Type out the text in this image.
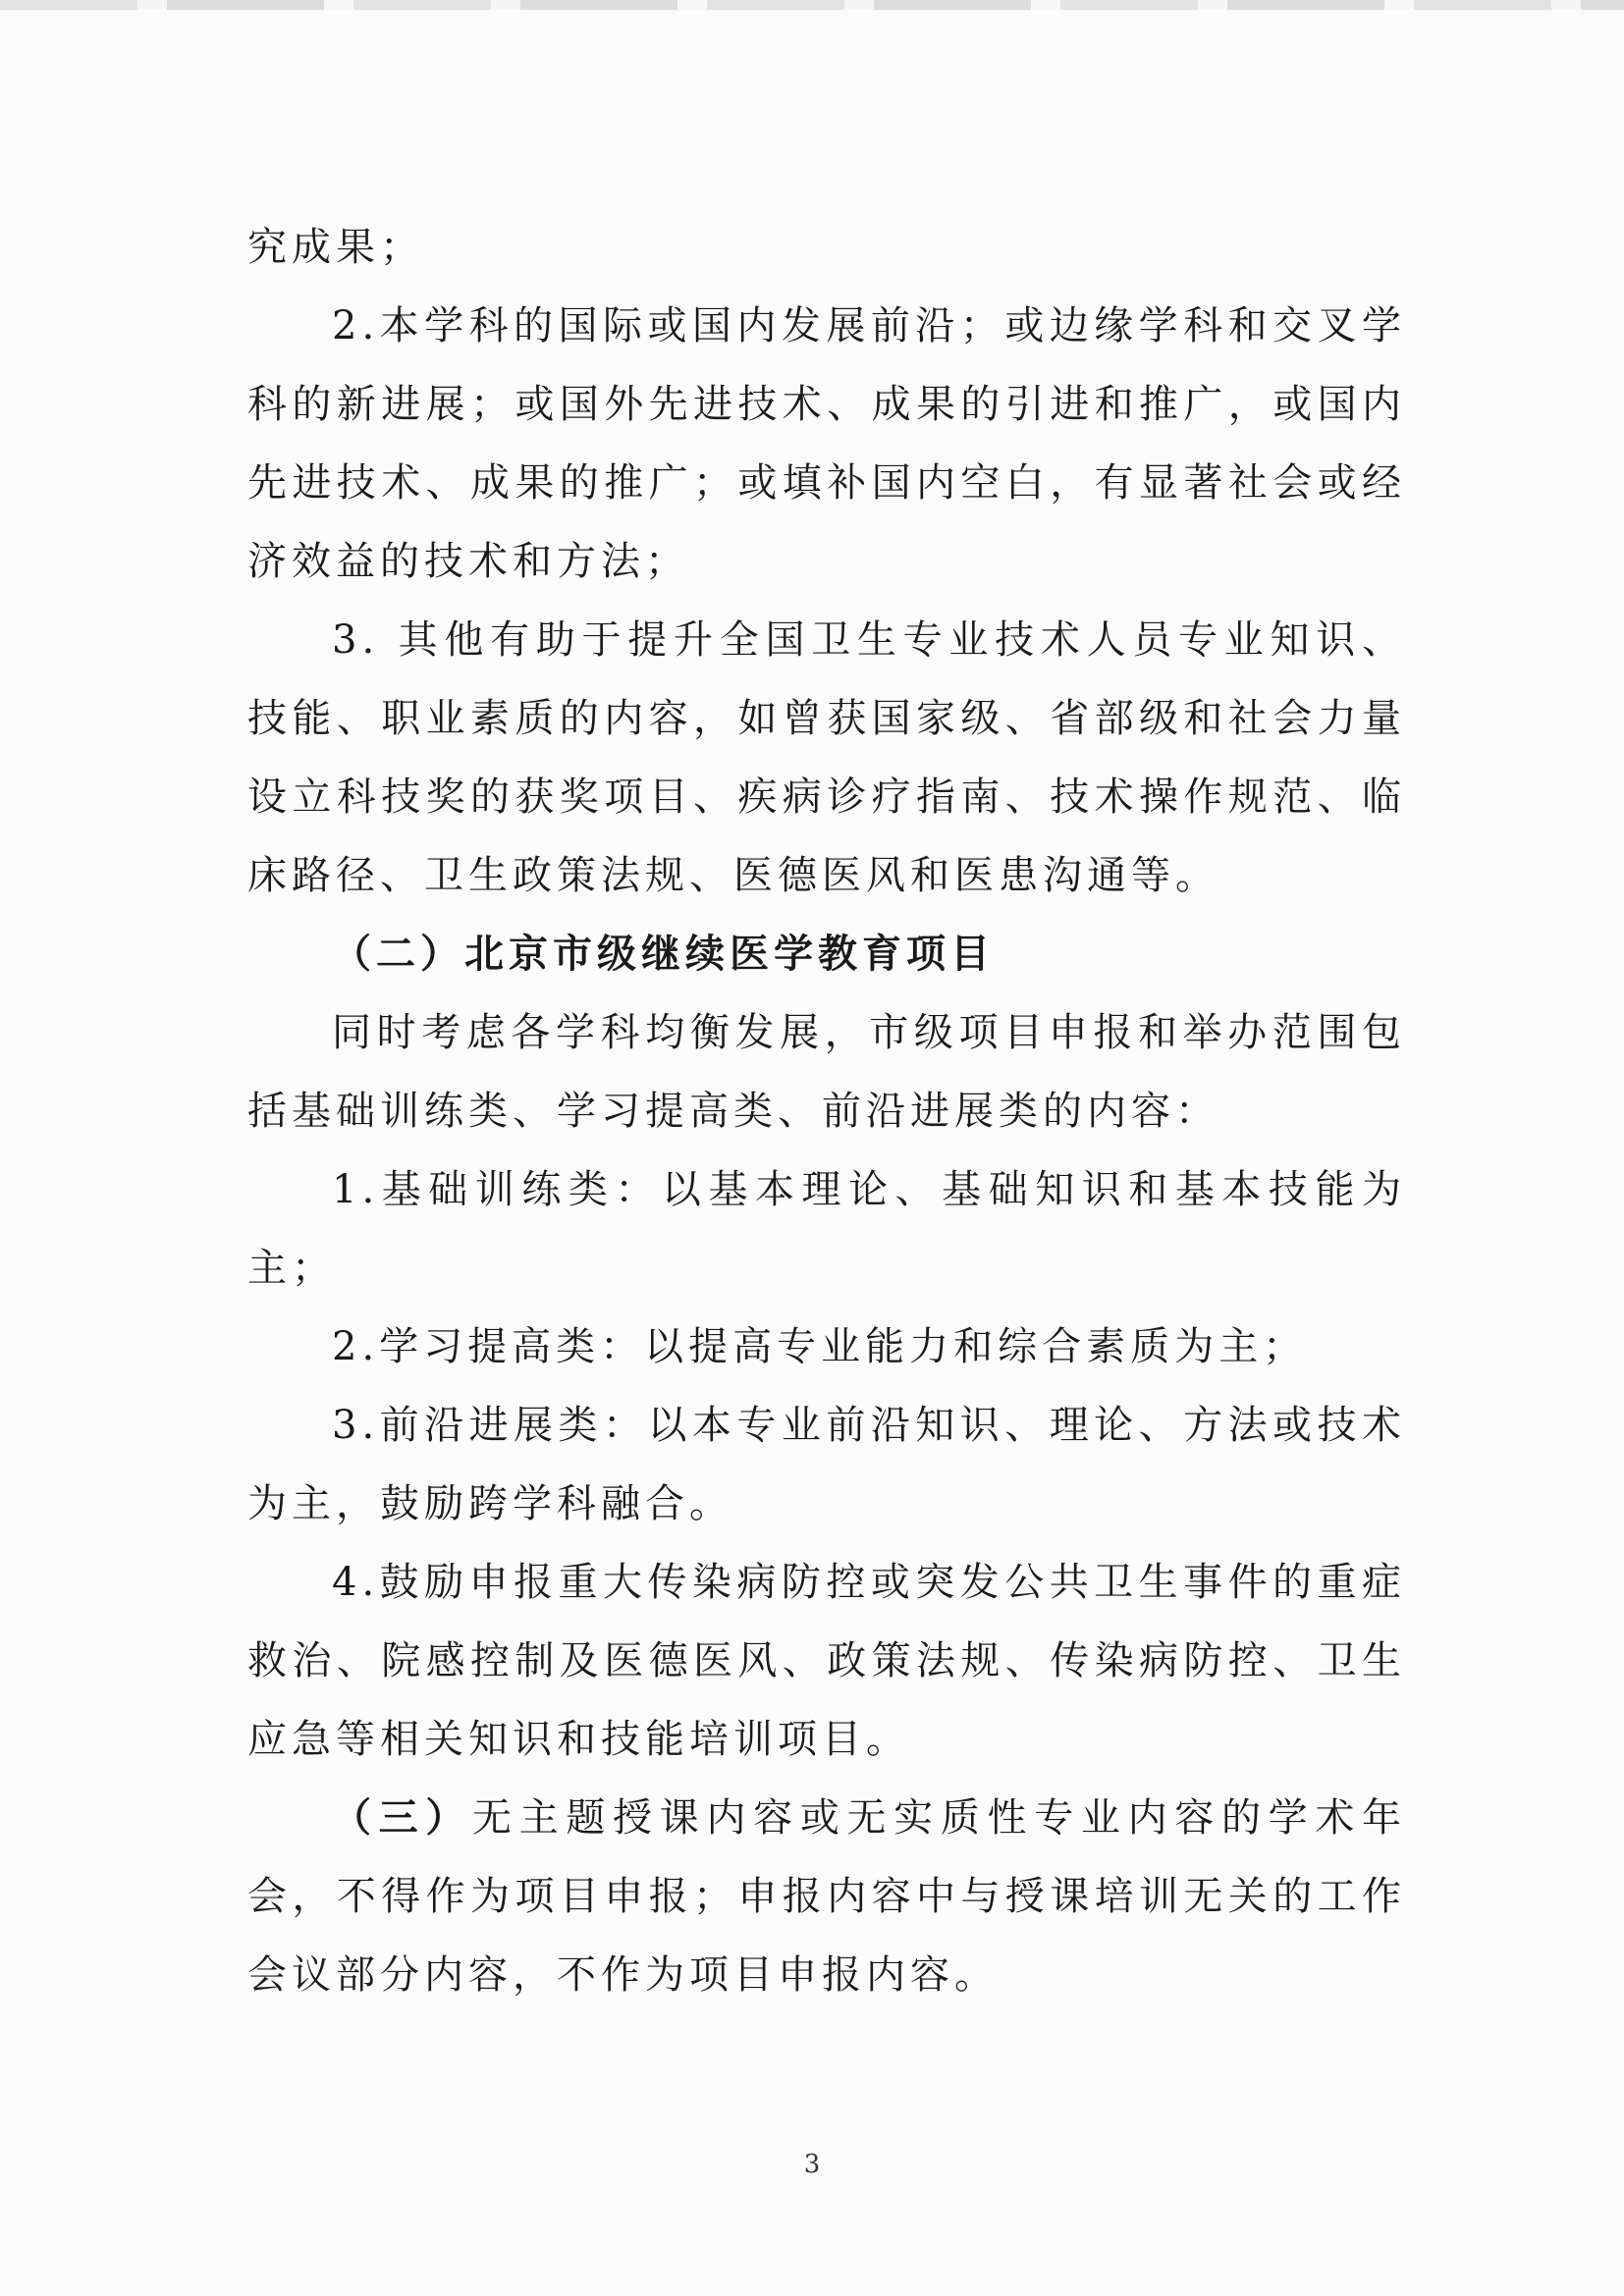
究成果；

2.本学科的国际或国内发展前沿；或边缘学科和交叉学科的新进展；或国外先进技术、成果的引进和推广，或国内先进技术、成果的推广；或填补国内空白，有显著社会或经济效益的技术和方法；

3. 其他有助于提升全国卫生专业技术人员专业知识、技能、职业素质的内容，如曾获国家级、省部级和社会力量设立科技奖的获奖项目、疾病诊疗指南、技术操作规范、临床路径、卫生政策法规、医德医风和医患沟通等。

（二）北京市级继续医学教育项目

同时考虑各学科均衡发展，市级项目申报和举办范围包括基础训练类、学习提高类、前沿进展类的内容：

1.基础训练类：以基本理论、基础知识和基本技能为主；

2.学习提高类：以提高专业能力和综合素质为主；

3.前沿进展类：以本专业前沿知识、理论、方法或技术为主，鼓励跨学科融合。

4.鼓励申报重大传染病防控或突发公共卫生事件的重症救治、院感控制及医德医风、政策法规、传染病防控、卫生应急等相关知识和技能培训项目。

（三）无主题授课内容或无实质性专业内容的学术年会，不得作为项目申报；申报内容中与授课培训无关的工作会议部分内容，不作为项目申报内容。

3
